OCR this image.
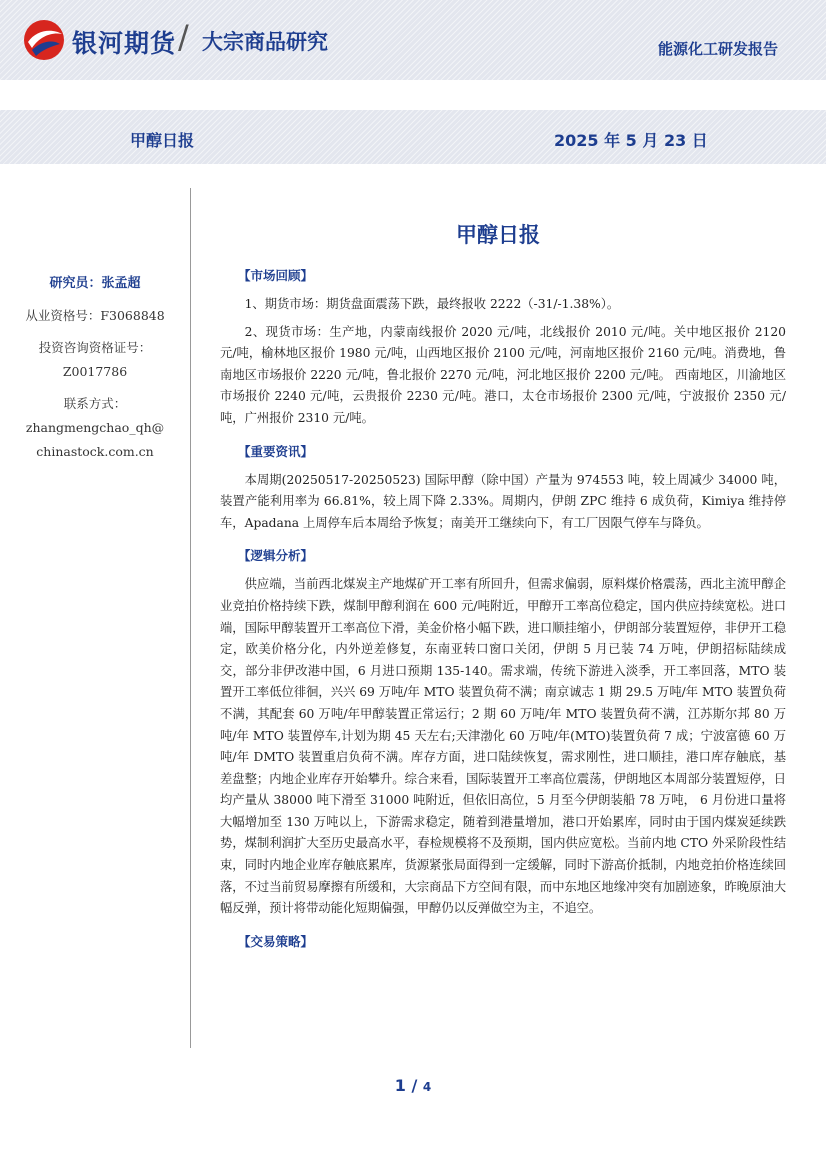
银河期货 / 大宗商品研究	能源化工研发报告
甲醇日报	2025 年 5 月 23 日
研究员：张孟超
从业资格号：F3068848
投资咨询资格证号：
Z0017786
联系方式：
zhangmengchao_qh@
chinastock.com.cn
甲醇日报
【市场回顾】

1、期货市场：期货盘面震荡下跌，最终报收 2222（-31/-1.38%）。

2、现货市场：生产地，内蒙南线报价 2020 元/吨，北线报价 2010 元/吨。关中地区报价 2120 元/吨，榆林地区报价 1980 元/吨，山西地区报价 2100 元/吨，河南地区报价 2160 元/吨。消费地，鲁南地区市场报价 2220 元/吨，鲁北报价 2270 元/吨，河北地区报价 2200 元/吨。 西南地区，川渝地区市场报价 2240 元/吨，云贵报价 2230 元/吨。港口，太仓市场报价 2300 元/吨，宁波报价 2350 元/吨，广州报价 2310 元/吨。

【重要资讯】

本周期(20250517-20250523) 国际甲醇（除中国）产量为 974553 吨，较上周减少 34000 吨，装置产能利用率为 66.81%，较上周下降 2.33%。周期内，伊朗 ZPC 维持 6 成负荷，Kimiya 维持停车，Apadana 上周停车后本周给予恢复；南美开工继续向下，有工厂因限气停车与降负。

【逻辑分析】

供应端，当前西北煤炭主产地煤矿开工率有所回升，但需求偏弱，原料煤价格震荡，西北主流甲醇企业竞拍价格持续下跌，煤制甲醇利润在 600 元/吨附近，甲醇开工率高位稳定，国内供应持续宽松。进口端，国际甲醇装置开工率高位下滑，美金价格小幅下跌，进口顺挂缩小，伊朗部分装置短停，非伊开工稳定，欧美价格分化，内外逆差修复，东南亚转口窗口关闭，伊朗 5 月已装 74 万吨，伊朗招标陆续成交，部分非伊改港中国，6 月进口预期 135-140。需求端，传统下游进入淡季，开工率回落，MTO 装置开工率低位徘徊，兴兴 69 万吨/年 MTO 装置负荷不满；南京诚志 1 期 29.5 万吨/年 MTO 装置负荷不满，其配套 60 万吨/年甲醇装置正常运行；2 期 60 万吨/年 MTO 装置负荷不满，江苏斯尔邦 80 万吨/年 MTO 装置停车,计划为期 45 天左右;天津渤化 60 万吨/年(MTO)装置负荷 7 成；宁波富德 60 万吨/年 DMTO 装置重启负荷不满。库存方面，进口陆续恢复，需求刚性，进口顺挂，港口库存触底，基差盘整；内地企业库存开始攀升。综合来看，国际装置开工率高位震荡，伊朗地区本周部分装置短停，日均产量从 38000 吨下滑至 31000 吨附近，但依旧高位，5 月至今伊朗装船 78 万吨， 6 月份进口量将大幅增加至 130 万吨以上，下游需求稳定，随着到港量增加，港口开始累库，同时由于国内煤炭延续跌势，煤制利润扩大至历史最高水平，春检规模将不及预期，国内供应宽松。当前内地 CTO 外采阶段性结束，同时内地企业库存触底累库，货源紧张局面得到一定缓解，同时下游高价抵制，内地竞拍价格连续回落，不过当前贸易摩擦有所缓和，大宗商品下方空间有限，而中东地区地缘冲突有加剧迹象，昨晚原油大幅反弹，预计将带动能化短期偏强，甲醇仍以反弹做空为主，不追空。

【交易策略】
1 / 4
